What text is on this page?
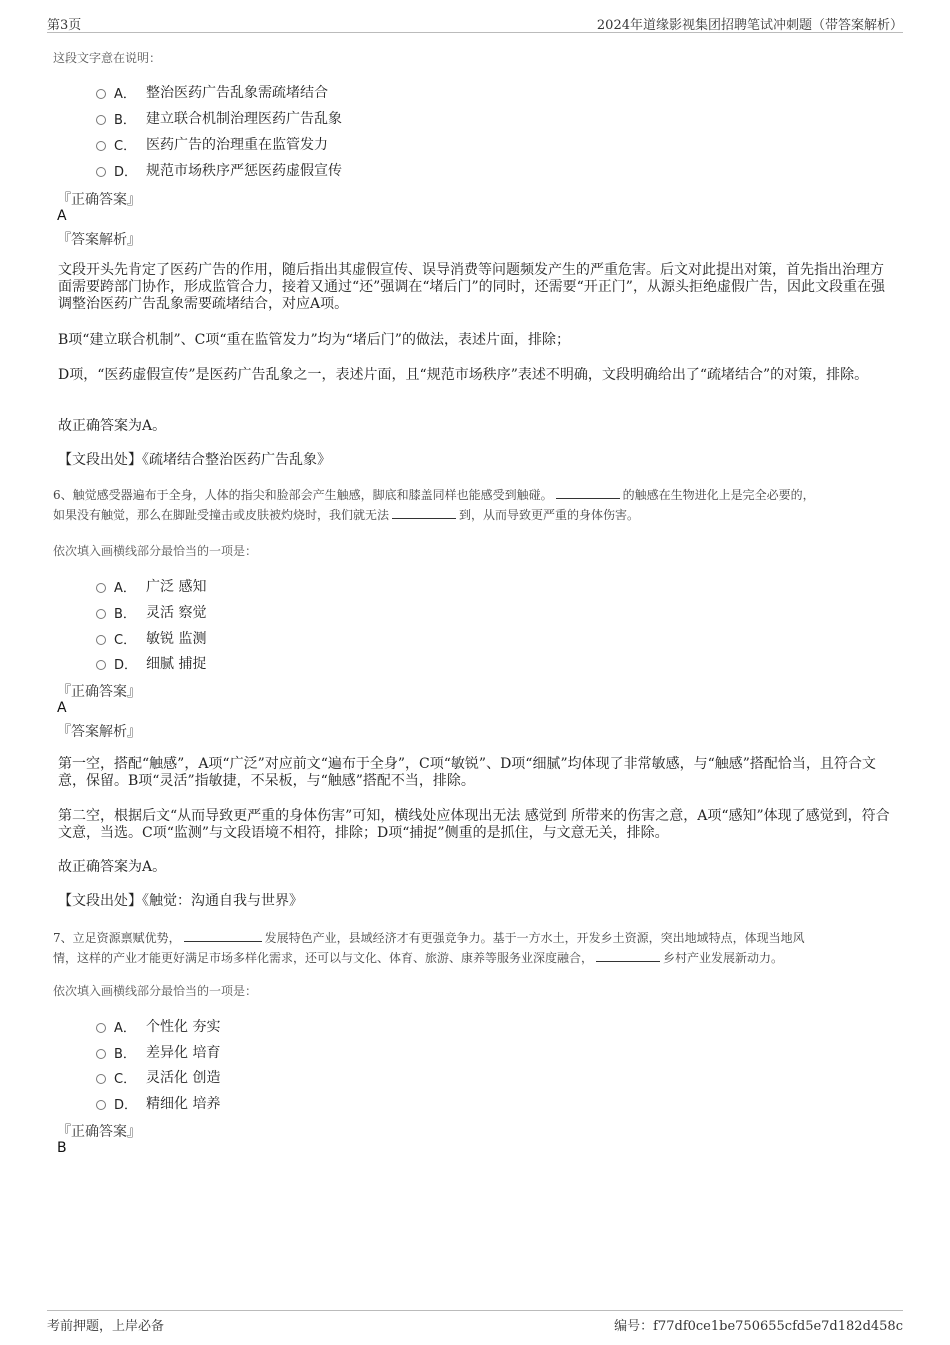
第3页	2024年道缘影视集团招聘笔试冲刺题（带答案解析）
这段文字意在说明：
A． 整治医药广告乱象需疏堵结合
B． 建立联合机制治理医药广告乱象
C． 医药广告的治理重在监管发力
D． 规范市场秩序严惩医药虚假宣传
『正确答案』
A
『答案解析』
文段开头先肯定了医药广告的作用，随后指出其虚假宣传、误导消费等问题频发产生的严重危害。后文对此提出对策，首先指出治理方面需要跨部门协作，形成监管合力，接着又通过“还”强调在“堵后门”的同时，还需要“开正门”，从源头拒绝虚假广告，因此文段重在强调整治医药广告乱象需要疏堵结合，对应A项。
B项“建立联合机制”、C项“重在监管发力”均为“堵后门”的做法，表述片面，排除；
D项，“医药虚假宣传”是医药广告乱象之一，表述片面，且“规范市场秩序”表述不明确，文段明确给出了“疏堵结合”的对策，排除。
故正确答案为A。
【文段出处】《疏堵结合整治医药广告乱象》
6、触觉感受器遍布于全身，人体的指尖和脸部会产生触感，脚底和膝盖同样也能感受到触碰。	的触感在生物进化上是完全必要的，
如果没有触觉，那么在脚趾受撞击或皮肤被灼烧时，我们就无法	到，从而导致更严重的身体伤害。
依次填入画横线部分最恰当的一项是：
A． 广泛 感知
B． 灵活 察觉
C． 敏锐 监测
D． 细腻 捕捉
『正确答案』
A
『答案解析』
第一空，搭配“触感”，A项“广泛”对应前文“遍布于全身”，C项“敏锐”、D项“细腻”均体现了非常敏感，与“触感”搭配恰当，且符合文意，保留。B项“灵活”指敏捷，不呆板，与“触感”搭配不当，排除。
第二空，根据后文“从而导致更严重的身体伤害”可知，横线处应体现出无法 感觉到 所带来的伤害之意，A项“感知”体现了感觉到，符合文意，当选。C项“监测”与文段语境不相符，排除；D项“捕捉”侧重的是抓住，与文意无关，排除。
故正确答案为A。
【文段出处】《触觉：沟通自我与世界》
7、立足资源禀赋优势，	发展特色产业，县域经济才有更强竞争力。基于一方水土，开发乡土资源，突出地域特点，体现当地风
情，这样的产业才能更好满足市场多样化需求，还可以与文化、体育、旅游、康养等服务业深度融合，	乡村产业发展新动力。
依次填入画横线部分最恰当的一项是：
A． 个性化 夯实
B． 差异化 培育
C． 灵活化 创造
D． 精细化 培养
『正确答案』
B
考前押题，上岸必备	编号：f77df0ce1be750655cfd5e7d182d458c
